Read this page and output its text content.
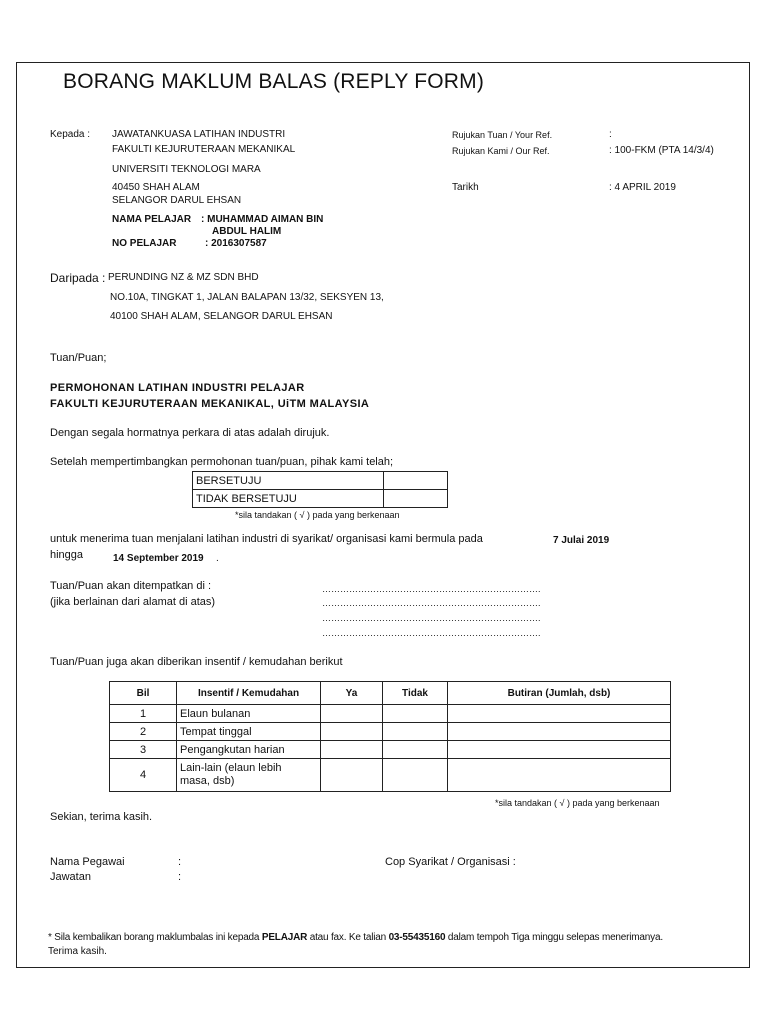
BORANG MAKLUM BALAS (REPLY FORM)
Kepada : JAWATANKUASA LATIHAN INDUSTRI
FAKULTI KEJURUTERAAN MEKANIKAL
UNIVERSITI TEKNOLOGI MARA
40450 SHAH ALAM
SELANGOR DARUL EHSAN
Rujukan Tuan / Your Ref.	:
Rujukan Kami / Our Ref.	: 100-FKM (PTA 14/3/4)
Tarikh	: 4 APRIL 2019
NAMA PELAJAR : MUHAMMAD AIMAN BIN
ABDUL HALIM
NO PELAJAR	: 2016307587
Daripada : PERUNDING NZ & MZ SDN BHD
NO.10A, TINGKAT 1, JALAN BALAPAN 13/32, SEKSYEN 13,
40100 SHAH ALAM, SELANGOR DARUL EHSAN
Tuan/Puan;
PERMOHONAN LATIHAN INDUSTRI PELAJAR
FAKULTI KEJURUTERAAN MEKANIKAL, UiTM MALAYSIA
Dengan segala hormatnya perkara di atas adalah dirujuk.
Setelah mempertimbangkan permohonan tuan/puan, pihak kami telah;
BERSETUJU	
TIDAK BERSETUJU	
*sila tandakan ( √ ) pada yang berkenaan
untuk menerima tuan menjalani latihan industri di syarikat/ organisasi kami bermula pada	7 Julai 2019
hingga	14 September 2019 .
Tuan/Puan akan ditempatkan di :
(jika berlainan dari alamat di atas)
……………………………………………………………….
……………………………………………………………….
……………………………………………………………….
……………………………………………………………….
Tuan/Puan juga akan diberikan insentif / kemudahan berikut
Bil	Insentif / Kemudahan	Ya	Tidak	Butiran (Jumlah, dsb)
1	Elaun bulanan			
2	Tempat tinggal			
3	Pengangkutan harian			
4	Lain-lain (elaun lebih
masa, dsb)			
*sila tandakan ( √ ) pada yang berkenaan
Sekian, terima kasih.
Nama Pegawai	:
Jawatan	:
Cop Syarikat / Organisasi :
* Sila kembalikan borang maklumbalas ini kepada PELAJAR atau fax. Ke talian 03-55435160 dalam tempoh Tiga minggu selepas menerimanya.
Terima kasih.
